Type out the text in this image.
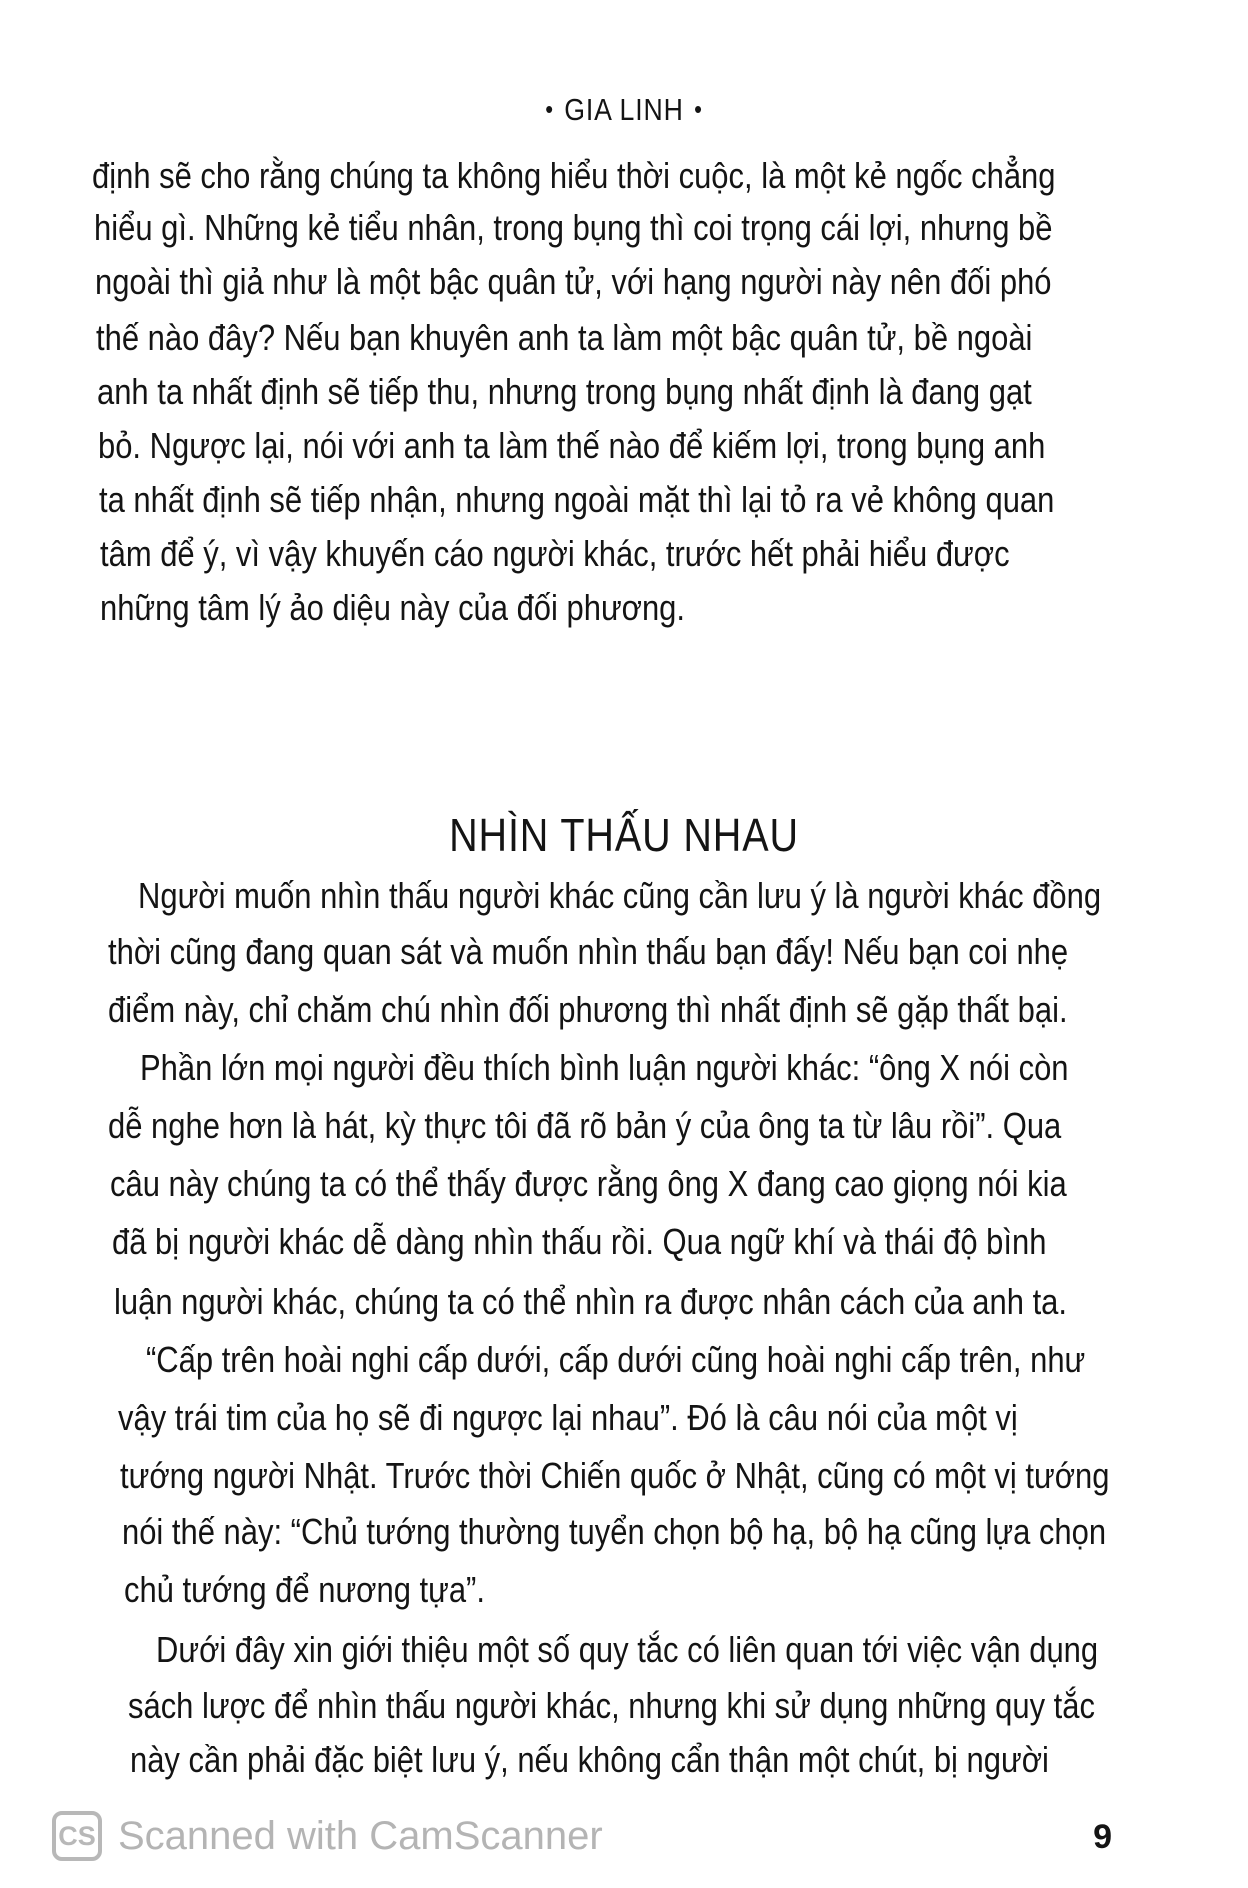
• GIA LINH •
định sẽ cho rằng chúng ta không hiểu thời cuộc, là một kẻ ngốc chẳng
hiểu gì. Những kẻ tiểu nhân, trong bụng thì coi trọng cái lợi, nhưng bề
ngoài thì giả như là một bậc quân tử, với hạng người này nên đối phó
thế nào đây? Nếu bạn khuyên anh ta làm một bậc quân tử, bề ngoài
anh ta nhất định sẽ tiếp thu, nhưng trong bụng nhất định là đang gạt
bỏ. Ngược lại, nói với anh ta làm thế nào để kiếm lợi, trong bụng anh
ta nhất định sẽ tiếp nhận, nhưng ngoài mặt thì lại tỏ ra vẻ không quan
tâm để ý, vì vậy khuyến cáo người khác, trước hết phải hiểu được
những tâm lý ảo diệu này của đối phương.
NHÌN THẤU NHAU
Người muốn nhìn thấu người khác cũng cần lưu ý là người khác đồng
thời cũng đang quan sát và muốn nhìn thấu bạn đấy! Nếu bạn coi nhẹ
điểm này, chỉ chăm chú nhìn đối phương thì nhất định sẽ gặp thất bại.
Phần lớn mọi người đều thích bình luận người khác: “ông X nói còn
dễ nghe hơn là hát, kỳ thực tôi đã rõ bản ý của ông ta từ lâu rồi”. Qua
câu này chúng ta có thể thấy được rằng ông X đang cao giọng nói kia
đã bị người khác dễ dàng nhìn thấu rồi. Qua ngữ khí và thái độ bình
luận người khác, chúng ta có thể nhìn ra được nhân cách của anh ta.
“Cấp trên hoài nghi cấp dưới, cấp dưới cũng hoài nghi cấp trên, như
vậy trái tim của họ sẽ đi ngược lại nhau”. Đó là câu nói của một vị
tướng người Nhật. Trước thời Chiến quốc ở Nhật, cũng có một vị tướng
nói thế này: “Chủ tướng thường tuyển chọn bộ hạ, bộ hạ cũng lựa chọn
chủ tướng để nương tựa”.
Dưới đây xin giới thiệu một số quy tắc có liên quan tới việc vận dụng
sách lược để nhìn thấu người khác, nhưng khi sử dụng những quy tắc
này cần phải đặc biệt lưu ý, nếu không cẩn thận một chút, bị người
CS Scanned with CamScanner	9
